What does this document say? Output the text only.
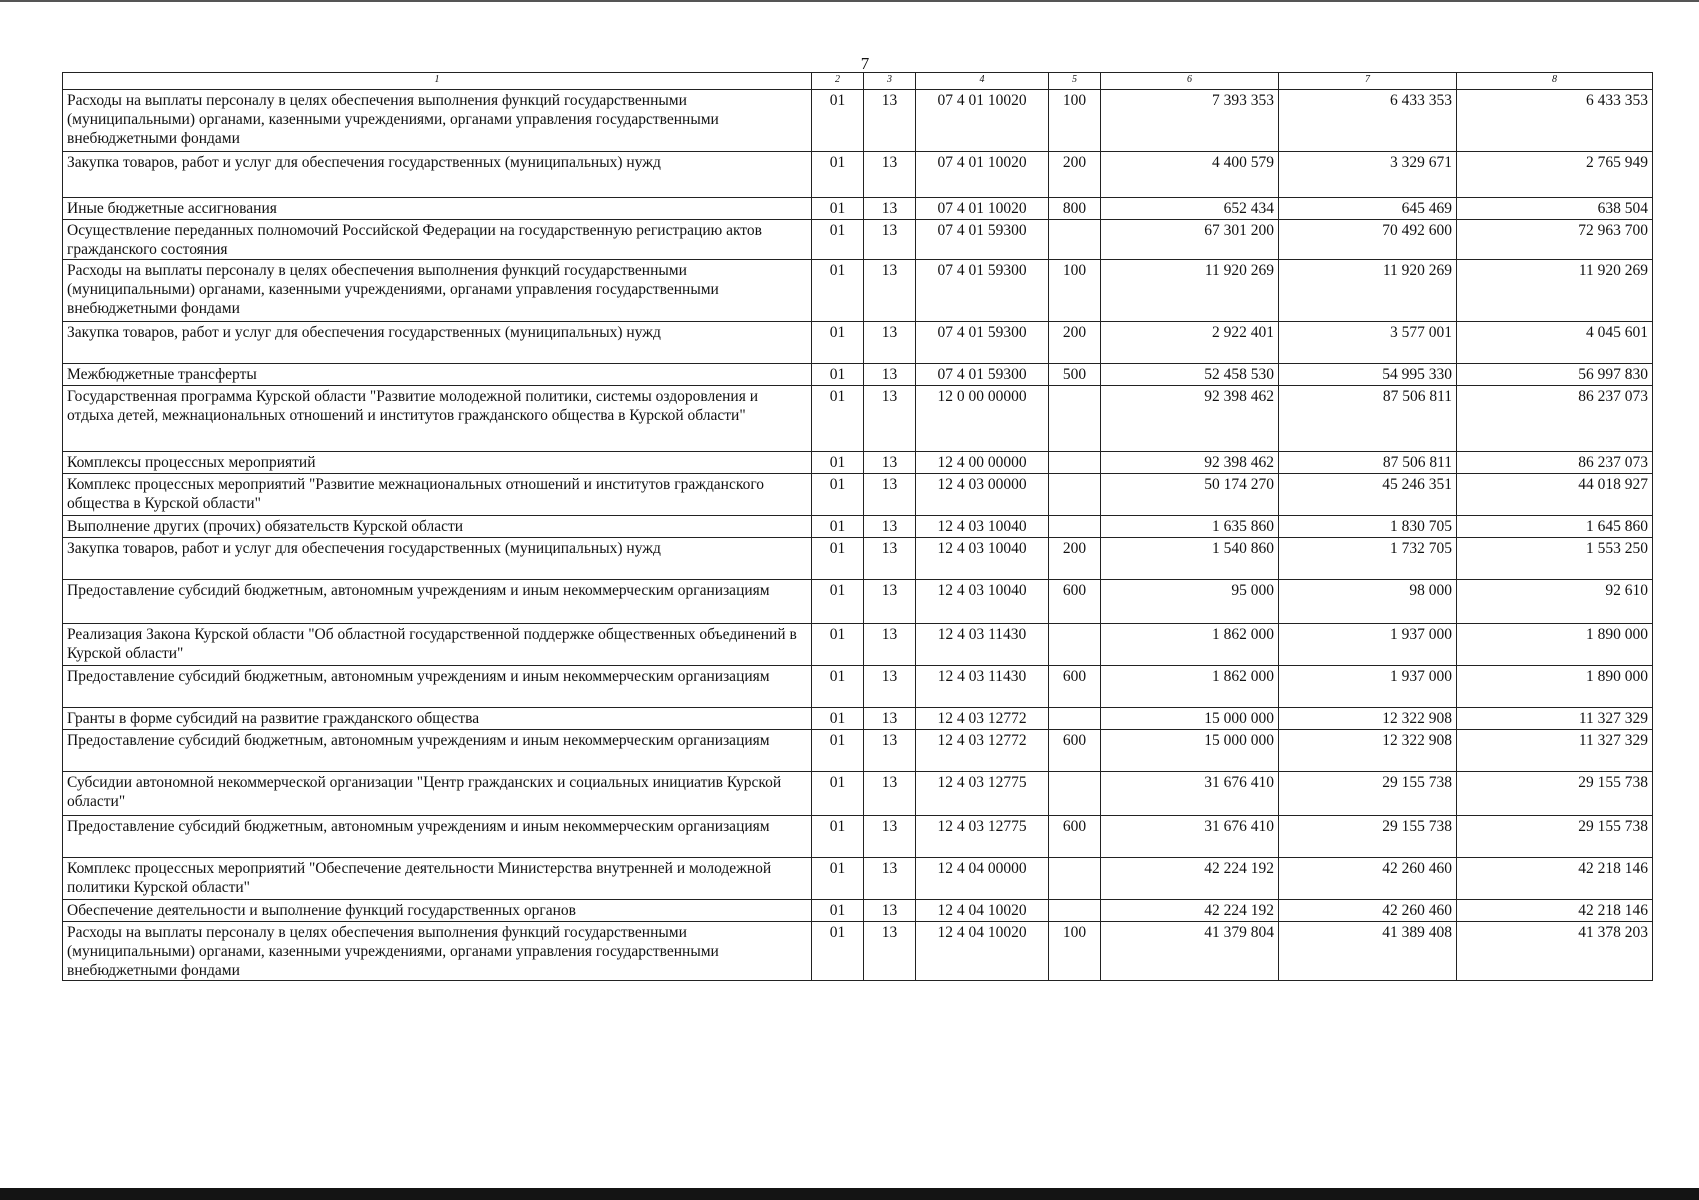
7
1	2	3	4	5	6	7	8
Расходы на выплаты персоналу в целях обеспечения выполнения функций государственными (муниципальными) органами, казенными учреждениями, органами управления государственными внебюджетными фондами	01	13	07 4 01 10020	100	7 393 353	6 433 353	6 433 353
Закупка товаров, работ и услуг для обеспечения государственных (муниципальных) нужд	01	13	07 4 01 10020	200	4 400 579	3 329 671	2 765 949
Иные бюджетные ассигнования	01	13	07 4 01 10020	800	652 434	645 469	638 504
Осуществление переданных полномочий Российской Федерации на государственную регистрацию актов гражданского состояния	01	13	07 4 01 59300		67 301 200	70 492 600	72 963 700
Расходы на выплаты персоналу в целях обеспечения выполнения функций государственными (муниципальными) органами, казенными учреждениями, органами управления государственными внебюджетными фондами	01	13	07 4 01 59300	100	11 920 269	11 920 269	11 920 269
Закупка товаров, работ и услуг для обеспечения государственных (муниципальных) нужд	01	13	07 4 01 59300	200	2 922 401	3 577 001	4 045 601
Межбюджетные трансферты	01	13	07 4 01 59300	500	52 458 530	54 995 330	56 997 830
Государственная программа Курской области "Развитие молодежной политики, системы оздоровления и отдыха детей, межнациональных отношений и институтов гражданского общества в Курской области"	01	13	12 0 00 00000		92 398 462	87 506 811	86 237 073
Комплексы процессных мероприятий	01	13	12 4 00 00000		92 398 462	87 506 811	86 237 073
Комплекс процессных мероприятий "Развитие межнациональных отношений и институтов гражданского общества в Курской области"	01	13	12 4 03 00000		50 174 270	45 246 351	44 018 927
Выполнение других (прочих) обязательств Курской области	01	13	12 4 03 10040		1 635 860	1 830 705	1 645 860
Закупка товаров, работ и услуг для обеспечения государственных (муниципальных) нужд	01	13	12 4 03 10040	200	1 540 860	1 732 705	1 553 250
Предоставление субсидий бюджетным, автономным учреждениям и иным некоммерческим организациям	01	13	12 4 03 10040	600	95 000	98 000	92 610
Реализация Закона Курской области "Об областной государственной поддержке общественных объединений в Курской области"	01	13	12 4 03 11430		1 862 000	1 937 000	1 890 000
Предоставление субсидий бюджетным, автономным учреждениям и иным некоммерческим организациям	01	13	12 4 03 11430	600	1 862 000	1 937 000	1 890 000
Гранты в форме субсидий на развитие гражданского общества	01	13	12 4 03 12772		15 000 000	12 322 908	11 327 329
Предоставление субсидий бюджетным, автономным учреждениям и иным некоммерческим организациям	01	13	12 4 03 12772	600	15 000 000	12 322 908	11 327 329
Субсидии автономной некоммерческой организации "Центр гражданских и социальных инициатив Курской области"	01	13	12 4 03 12775		31 676 410	29 155 738	29 155 738
Предоставление субсидий бюджетным, автономным учреждениям и иным некоммерческим организациям	01	13	12 4 03 12775	600	31 676 410	29 155 738	29 155 738
Комплекс процессных мероприятий "Обеспечение деятельности Министерства внутренней и молодежной политики Курской области"	01	13	12 4 04 00000		42 224 192	42 260 460	42 218 146
Обеспечение деятельности и выполнение функций государственных органов	01	13	12 4 04 10020		42 224 192	42 260 460	42 218 146
Расходы на выплаты персоналу в целях обеспечения выполнения функций государственными (муниципальными) органами, казенными учреждениями, органами управления государственными внебюджетными фондами	01	13	12 4 04 10020	100	41 379 804	41 389 408	41 378 203
